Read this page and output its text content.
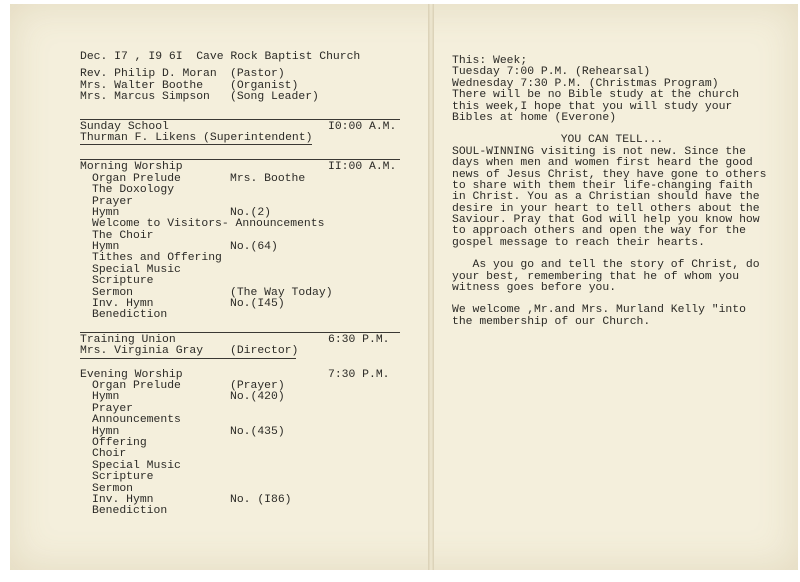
Dec. I7 , I9 6I  Cave Rock Baptist Church
Rev. Philip D. Moran (Pastor)
Mrs. Walter Boothe (Organist)
Mrs. Marcus Simpson (Song Leader)
Sunday School	I0:00 A.M.
Thurman F. Likens (Superintendent)
Morning Worship	II:00 A.M.
Organ Prelude	Mrs. Boothe
The Doxology
Prayer
Hymn	No.(2)
Welcome to Visitors- Announcements
The Choir
Hymn	No.(64)
Tithes and Offering
Special Music
Scripture
Sermon	(The Way Today)
Inv. Hymn	No.(I45)
Benediction
Training Union	6:30 P.M.
Mrs. Virginia Gray (Director)
Evening Worship	7:30 P.M.
Organ Prelude	(Prayer)
Hymn	No.(420)
Prayer
Announcements
Hymn	No.(435)
Offering
Choir
Special Music
Scripture
Sermon
Inv. Hymn	No. (I86)
Benediction
This: Week;
Tuesday 7:00 P.M. (Rehearsal)
Wednesday 7:30 P.M. (Christmas Program)
There will be no Bible study at the church
this week,I hope that you will study your
Bibles at home (Everone)
YOU CAN TELL...
SOUL-WINNING visiting is not new. Since the
days when men and women first heard the good
news of Jesus Christ, they have gone to others
to share with them their life-changing faith
in Christ. You as a Christian should have the
desire in your heart to tell others about the
Saviour. Pray that God will help you know how
to approach others and open the way for the
gospel message to reach their hearts.
As you go and tell the story of Christ, do
your best, remembering that he of whom you
witness goes before you.
We welcome ,Mr.and Mrs. Murland Kelly "into
the membership of our Church.
